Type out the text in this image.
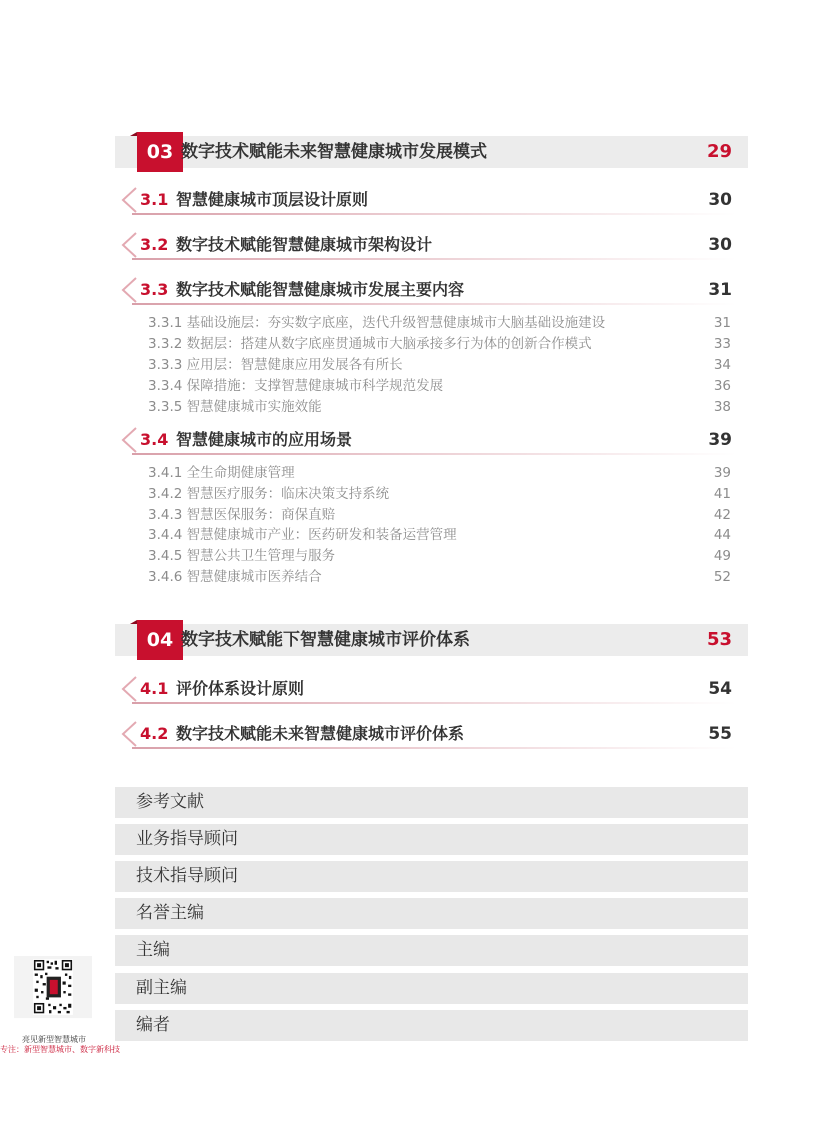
03 数字技术赋能未来智慧健康城市发展模式	29
3.1 智慧健康城市顶层设计原则	30
3.2 数字技术赋能智慧健康城市架构设计	30
3.3 数字技术赋能智慧健康城市发展主要内容	31
3.3.1 基础设施层：夯实数字底座，迭代升级智慧健康城市大脑基础设施建设	31
3.3.2 数据层：搭建从数字底座贯通城市大脑承接多行为体的创新合作模式	33
3.3.3 应用层：智慧健康应用发展各有所长	34
3.3.4 保障措施：支撑智慧健康城市科学规范发展	36
3.3.5 智慧健康城市实施效能	38
3.4 智慧健康城市的应用场景	39
3.4.1 全生命期健康管理	39
3.4.2 智慧医疗服务：临床决策支持系统	41
3.4.3 智慧医保服务：商保直赔	42
3.4.4 智慧健康城市产业：医药研发和装备运营管理	44
3.4.5 智慧公共卫生管理与服务	49
3.4.6 智慧健康城市医养结合	52
04 数字技术赋能下智慧健康城市评价体系	53
4.1 评价体系设计原则	54
4.2 数字技术赋能未来智慧健康城市评价体系	55
参考文献
业务指导顾问
技术指导顾问
名誉主编
主编
副主编
编者
亮见新型智慧城市
专注：新型智慧城市、数字新科技
